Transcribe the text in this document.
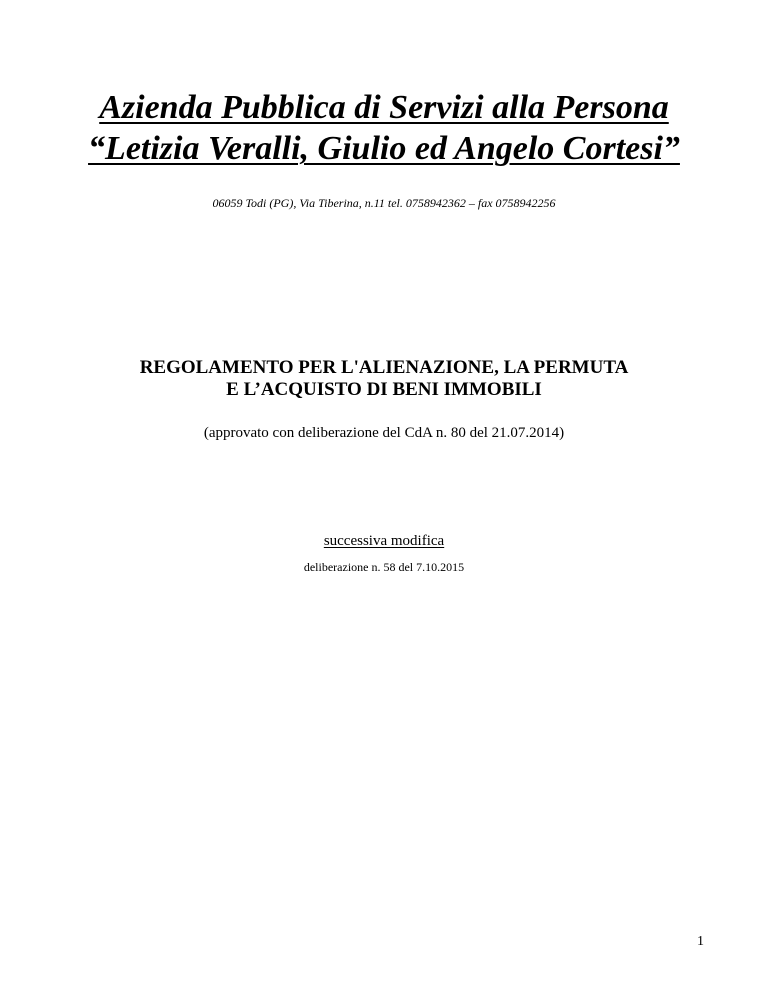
Azienda Pubblica di Servizi alla Persona
“Letizia Veralli, Giulio ed Angelo Cortesi”
06059 Todi (PG), Via Tiberina, n.11 tel. 0758942362 – fax 0758942256
REGOLAMENTO PER L'ALIENAZIONE, LA PERMUTA
E L’ACQUISTO DI BENI IMMOBILI
(approvato con deliberazione del CdA n. 80 del 21.07.2014)
successiva modifica
deliberazione n. 58 del 7.10.2015
1
